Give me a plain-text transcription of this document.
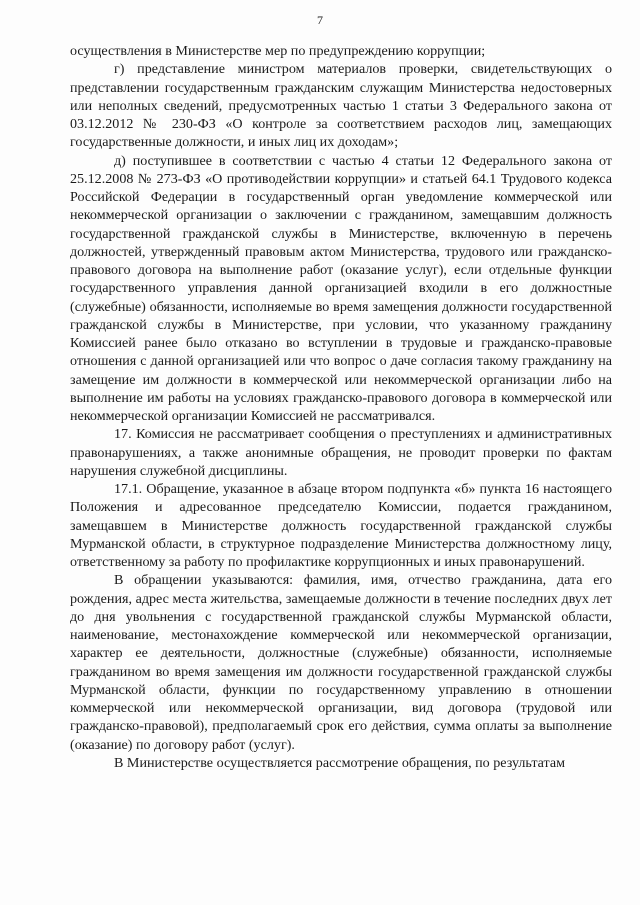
7

осуществления в Министерстве мер по предупреждению коррупции;

г) представление министром материалов проверки, свидетельствующих о представлении государственным гражданским служащим Министерства недостоверных или неполных сведений, предусмотренных частью 1 статьи 3 Федерального закона от 03.12.2012 № 230-ФЗ «О контроле за соответствием расходов лиц, замещающих государственные должности, и иных лиц их доходам»;

д) поступившее в соответствии с частью 4 статьи 12 Федерального закона от 25.12.2008 № 273-ФЗ «О противодействии коррупции» и статьей 64.1 Трудового кодекса Российской Федерации в государственный орган уведомление коммерческой или некоммерческой организации о заключении с гражданином, замещавшим должность государственной гражданской службы в Министерстве, включенную в перечень должностей, утвержденный правовым актом Министерства, трудового или гражданско-правового договора на выполнение работ (оказание услуг), если отдельные функции государственного управления данной организацией входили в его должностные (служебные) обязанности, исполняемые во время замещения должности государственной гражданской службы в Министерстве, при условии, что указанному гражданину Комиссией ранее было отказано во вступлении в трудовые и гражданско-правовые отношения с данной организацией или что вопрос о даче согласия такому гражданину на замещение им должности в коммерческой или некоммерческой организации либо на выполнение им работы на условиях гражданско-правового договора в коммерческой или некоммерческой организации Комиссией не рассматривался.

17. Комиссия не рассматривает сообщения о преступлениях и административных правонарушениях, а также анонимные обращения, не проводит проверки по фактам нарушения служебной дисциплины.

17.1. Обращение, указанное в абзаце втором подпункта «б» пункта 16 настоящего Положения и адресованное председателю Комиссии, подается гражданином, замещавшем в Министерстве должность государственной гражданской службы Мурманской области, в структурное подразделение Министерства должностному лицу, ответственному за работу по профилактике коррупционных и иных правонарушений.

В обращении указываются: фамилия, имя, отчество гражданина, дата его рождения, адрес места жительства, замещаемые должности в течение последних двух лет до дня увольнения с государственной гражданской службы Мурманской области, наименование, местонахождение коммерческой или некоммерческой организации, характер ее деятельности, должностные (служебные) обязанности, исполняемые гражданином во время замещения им должности государственной гражданской службы Мурманской области, функции по государственному управлению в отношении коммерческой или некоммерческой организации, вид договора (трудовой или гражданско-правовой), предполагаемый срок его действия, сумма оплаты за выполнение (оказание) по договору работ (услуг).

В Министерстве осуществляется рассмотрение обращения, по результатам
